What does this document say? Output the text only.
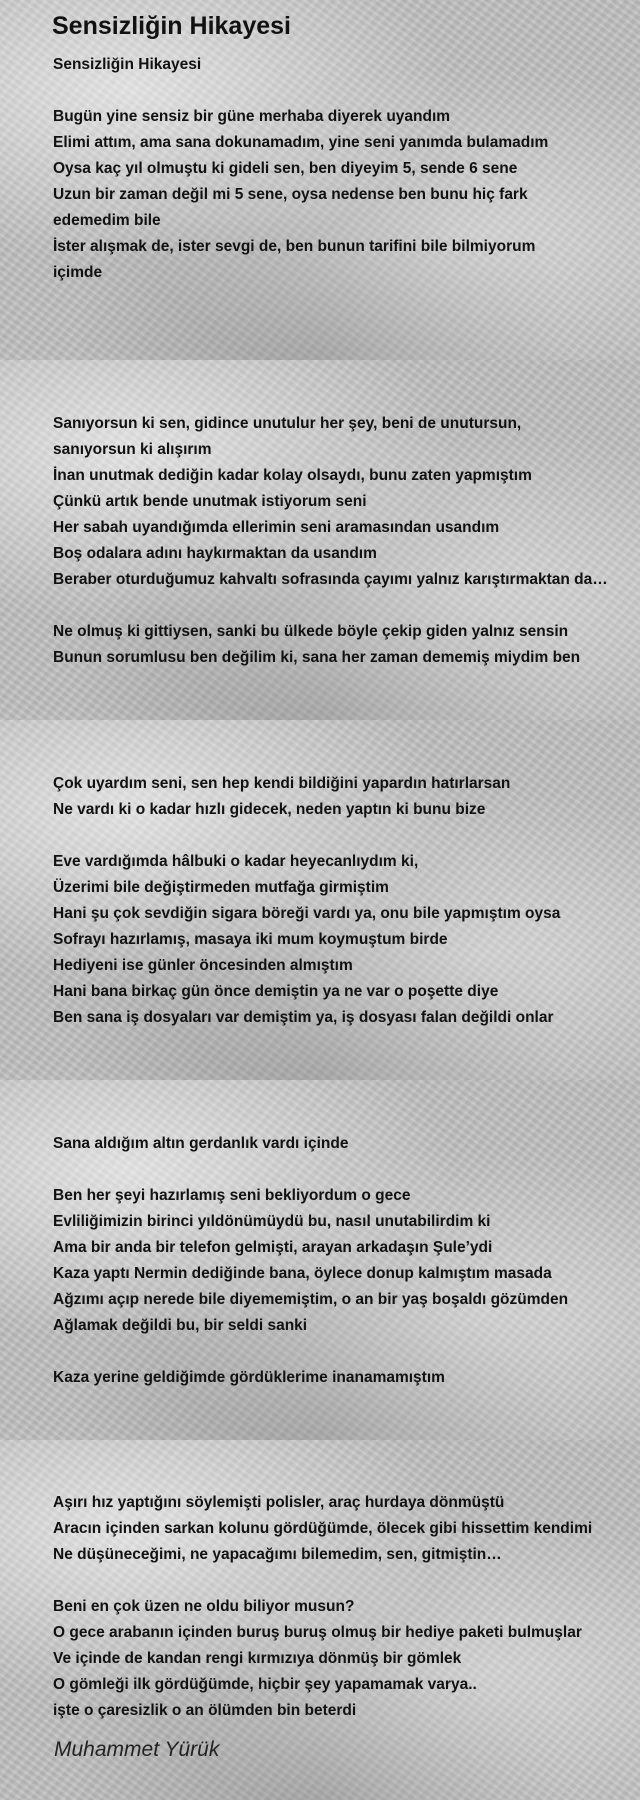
Sensizliğin Hikayesi
Sensizliğin Hikayesi
Bugün yine sensiz bir güne merhaba diyerek uyandım
Elimi attım, ama sana dokunamadım, yine seni yanımda bulamadım
Oysa kaç yıl olmuştu ki gideli sen, ben diyeyim 5, sende 6 sene
Uzun bir zaman değil mi 5 sene, oysa nedense ben bunu hiç fark
edemedim bile
İster alışmak de, ister sevgi de, ben bunun tarifini bile bilmiyorum
içimde
Sanıyorsun ki sen, gidince unutulur her şey, beni de unutursun,
sanıyorsun ki alışırım
İnan unutmak dediğin kadar kolay olsaydı, bunu zaten yapmıştım
Çünkü artık bende unutmak istiyorum seni
Her sabah uyandığımda ellerimin seni aramasından usandım
Boş odalara adını haykırmaktan da usandım
Beraber oturduğumuz kahvaltı sofrasında çayımı yalnız karıştırmaktan da…
Ne olmuş ki gittiysen, sanki bu ülkede böyle çekip giden yalnız sensin
Bunun sorumlusu ben değilim ki, sana her zaman dememiş miydim ben
Çok uyardım seni, sen hep kendi bildiğini yapardın hatırlarsan
Ne vardı ki o kadar hızlı gidecek, neden yaptın ki bunu bize
Eve vardığımda hâlbuki o kadar heyecanlıydım ki,
Üzerimi bile değiştirmeden mutfağa girmiştim
Hani şu çok sevdiğin sigara böreği vardı ya, onu bile yapmıştım oysa
Sofrayı hazırlamış, masaya iki mum koymuştum birde
Hediyeni ise günler öncesinden almıştım
Hani bana birkaç gün önce demiştin ya ne var o poşette diye
Ben sana iş dosyaları var demiştim ya, iş dosyası falan değildi onlar
Sana aldığım altın gerdanlık vardı içinde
Ben her şeyi hazırlamış seni bekliyordum o gece
Evliliğimizin birinci yıldönümüydü bu, nasıl unutabilirdim ki
Ama bir anda bir telefon gelmişti, arayan arkadaşın Şule’ydi
Kaza yaptı Nermin dediğinde bana, öylece donup kalmıştım masada
Ağzımı açıp nerede bile diyememiştim, o an bir yaş boşaldı gözümden
Ağlamak değildi bu, bir seldi sanki
Kaza yerine geldiğimde gördüklerime inanamamıştım
Aşırı hız yaptığını söylemişti polisler, araç hurdaya dönmüştü
Aracın içinden sarkan kolunu gördüğümde, ölecek gibi hissettim kendimi
Ne düşüneceğimi, ne yapacağımı bilemedim, sen, gitmiştin…
Beni en çok üzen ne oldu biliyor musun?
O gece arabanın içinden buruş buruş olmuş bir hediye paketi bulmuşlar
Ve içinde de kandan rengi kırmızıya dönmüş bir gömlek
O gömleği ilk gördüğümde, hiçbir şey yapamamak varya..
işte o çaresizlik o an ölümden bin beterdi
Muhammet Yürük
